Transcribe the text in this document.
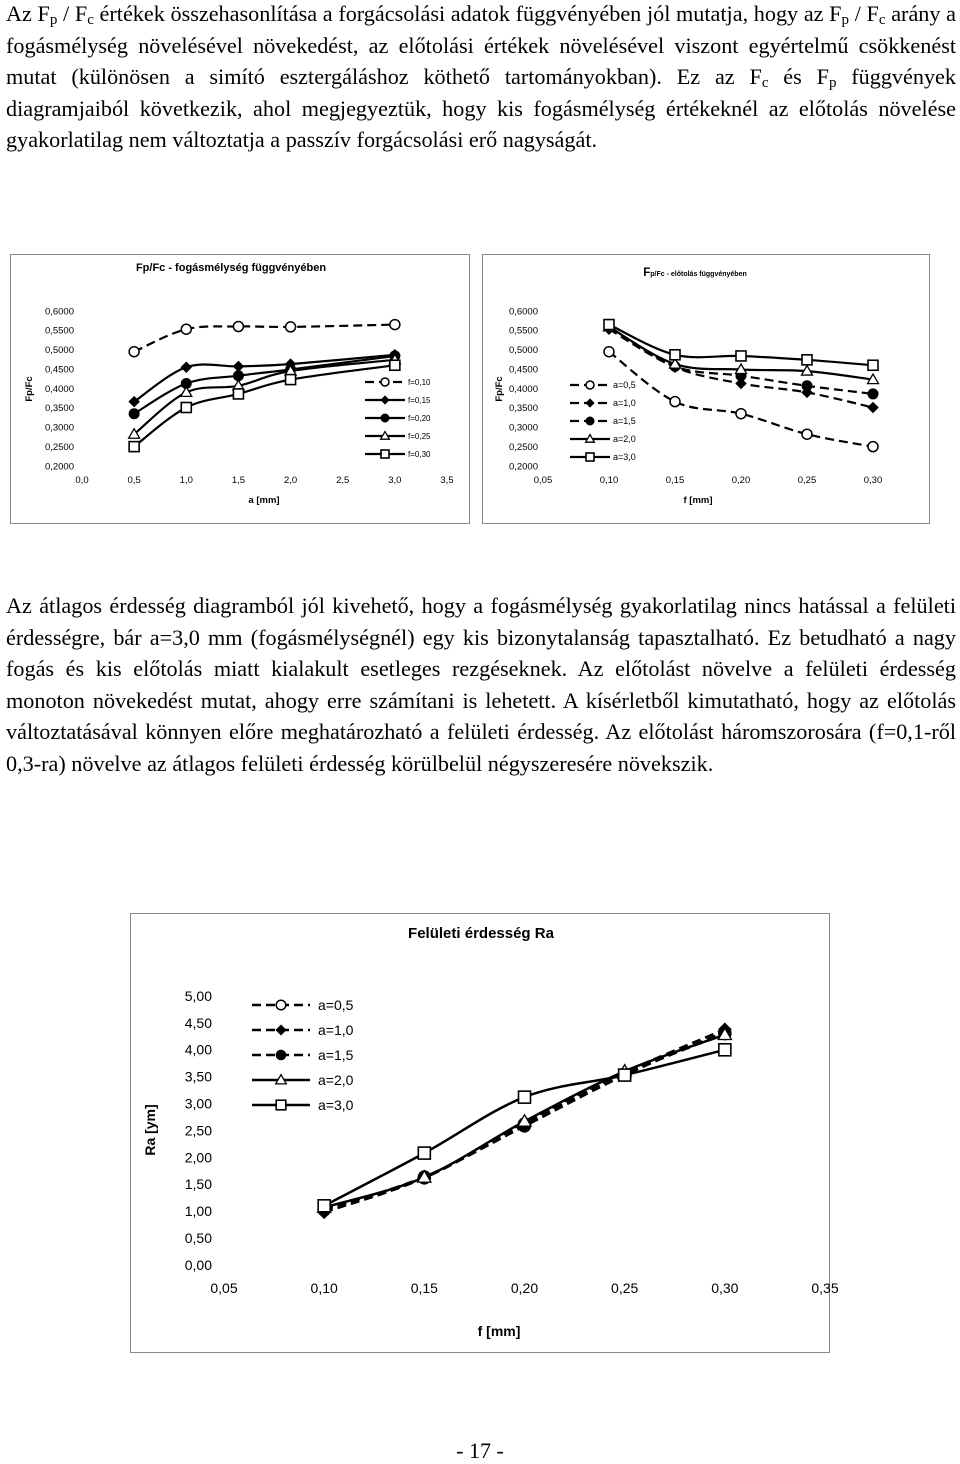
Az $F_p / F_c$ értékek összehasonlítása a forgácsolási adatok függvényében jól mutatja, hogy az $F_p / F_c$ arány a fogásmélység növelésével növekedést, az előtolási értékek növelésével viszont egyértelmű csökkenést mutat (különösen a simító esztergáláshoz köthető tartományokban). Ez az $F_c$ és $F_p$ függvények diagramjaiból következik, ahol megjegyeztük, hogy kis fogásmélység értékeknél az előtolás növelése gyakorlatilag nem változtatja a passzív forgácsolási erő nagyságát.

Fp/Fc - fogásmélység függvényében
0,6000
0,5500
0,5000
0,4500
0,4000
0,3500
0,3000
0,2500
0,2000
0,0	0,5	1,0	1,5	2,0	2,5	3,0	3,5
a [mm]
Fp/Fc	f=0,10
f=0,15
f=0,20
f=0,25
f=0,30
Fp/Fc - előtolás függvényében
0,6000
0,5500
0,5000
0,4500
0,4000
0,3500
0,3000
0,2500
0,2000
0,05	0,10	0,15	0,20	0,25	0,30
f [mm]
Fp/Fc	a=0,5
a=1,0
a=1,5
a=2,0
a=3,0

Az átlagos érdesség diagramból jól kivehető, hogy a fogásmélység gyakorlatilag nincs hatással a felületi érdességre, bár a=3,0 mm (fogásmélységnél) egy kis bizonytalanság tapasztalható. Ez betudható a nagy fogás és kis előtolás miatt kialakult esetleges rezgéseknek. Az előtolást növelve a felületi érdesség monoton növekedést mutat, ahogy erre számítani is lehetett. A kísérletből kimutatható, hogy az előtolás változtatásával könnyen előre meghatározható a felületi érdesség. Az előtolást háromszorosára (f=0,1-ről 0,3-ra) növelve az átlagos felületi érdesség körülbelül négyszeresére növekszik.

Felületi érdesség Ra
5,00
4,50
4,00
3,50
3,00
2,50
2,00
1,50
1,00
0,50
0,00
0,05	0,10	0,15	0,20	0,25	0,30	0,35
f [mm]
Ra [ym]
a=0,5
a=1,0
a=1,5
a=2,0
a=3,0
- 17 -
